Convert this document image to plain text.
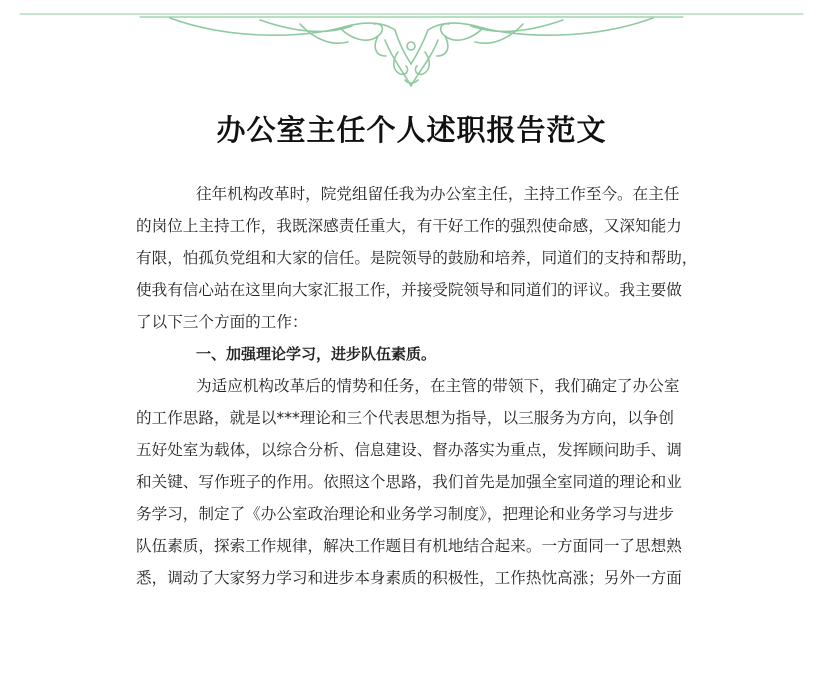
办公室主任个人述职报告范文
往年机构改革时，院党组留任我为办公室主任，主持工作至今。在主任
的岗位上主持工作，我既深感责任重大，有干好工作的强烈使命感，又深知能力
有限，怕孤负党组和大家的信任。是院领导的鼓励和培养，同道们的支持和帮助，
使我有信心站在这里向大家汇报工作，并接受院领导和同道们的评议。我主要做
了以下三个方面的工作：
一、加强理论学习，进步队伍素质。
为适应机构改革后的情势和任务，在主管的带领下，我们确定了办公室
的工作思路，就是以***理论和三个代表思想为指导，以三服务为方向，以争创
五好处室为载体，以综合分析、信息建设、督办落实为重点，发挥顾问助手、调
和关键、写作班子的作用。依照这个思路，我们首先是加强全室同道的理论和业
务学习，制定了《办公室政治理论和业务学习制度》，把理论和业务学习与进步
队伍素质，探索工作规律，解决工作题目有机地结合起来。一方面同一了思想熟
悉，调动了大家努力学习和进步本身素质的积极性，工作热忱高涨；另外一方面
